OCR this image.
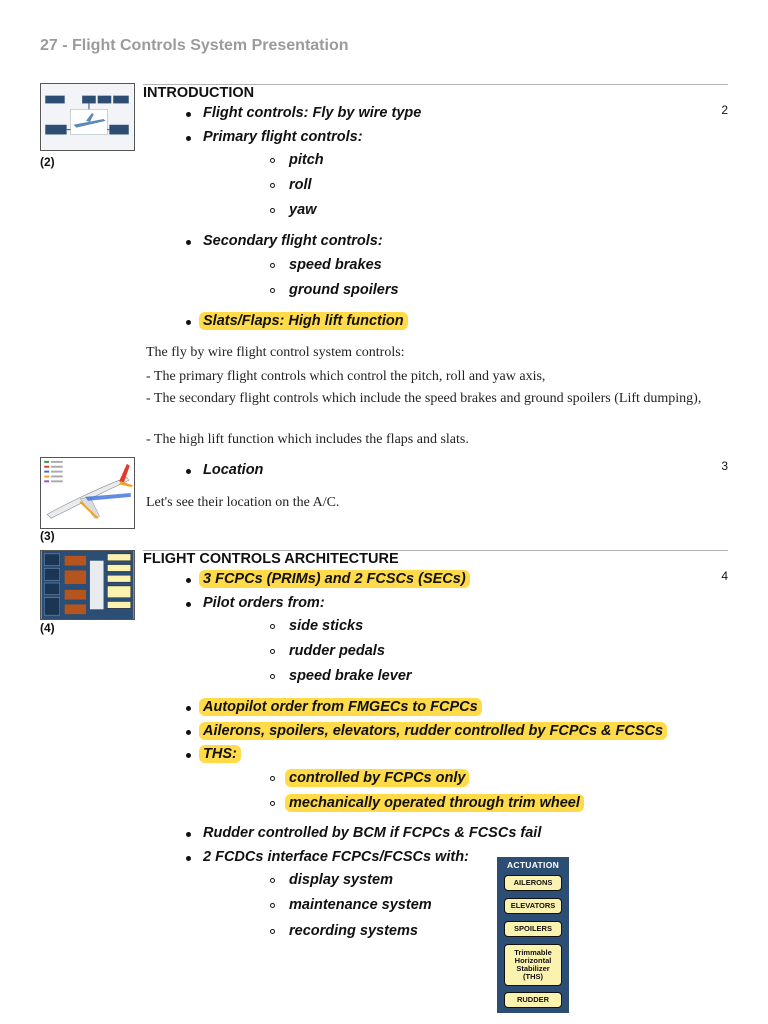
27 - Flight Controls System Presentation
(2)
INTRODUCTION
2
Flight controls: Fly by wire type
Primary flight controls:
pitch
roll
yaw
Secondary flight controls:
speed brakes
ground spoilers
Slats/Flaps: High lift function
The fly by wire flight control system controls:
- The primary flight controls which control the pitch, roll and yaw axis,
- The secondary flight controls which include the speed brakes and ground spoilers (Lift dumping),
- The high lift function which includes the flaps and slats.
(3)
3
Location
Let's see their location on the A/C.
(4)
FLIGHT CONTROLS ARCHITECTURE
4
3 FCPCs (PRIMs) and 2 FCSCs (SECs)
Pilot orders from:
side sticks
rudder pedals
speed brake lever
Autopilot order from FMGECs to FCPCs
Ailerons, spoilers, elevators, rudder controlled by FCPCs & FCSCs
THS:
controlled by FCPCs only
mechanically operated through trim wheel
Rudder controlled by BCM if FCPCs & FCSCs fail
2 FCDCs interface FCPCs/FCSCs with:
display system
maintenance system
recording systems
ACTUATION
AILERONS
ELEVATORS
SPOILERS
Trimmable Horizontal Stabilizer (THS)
RUDDER
